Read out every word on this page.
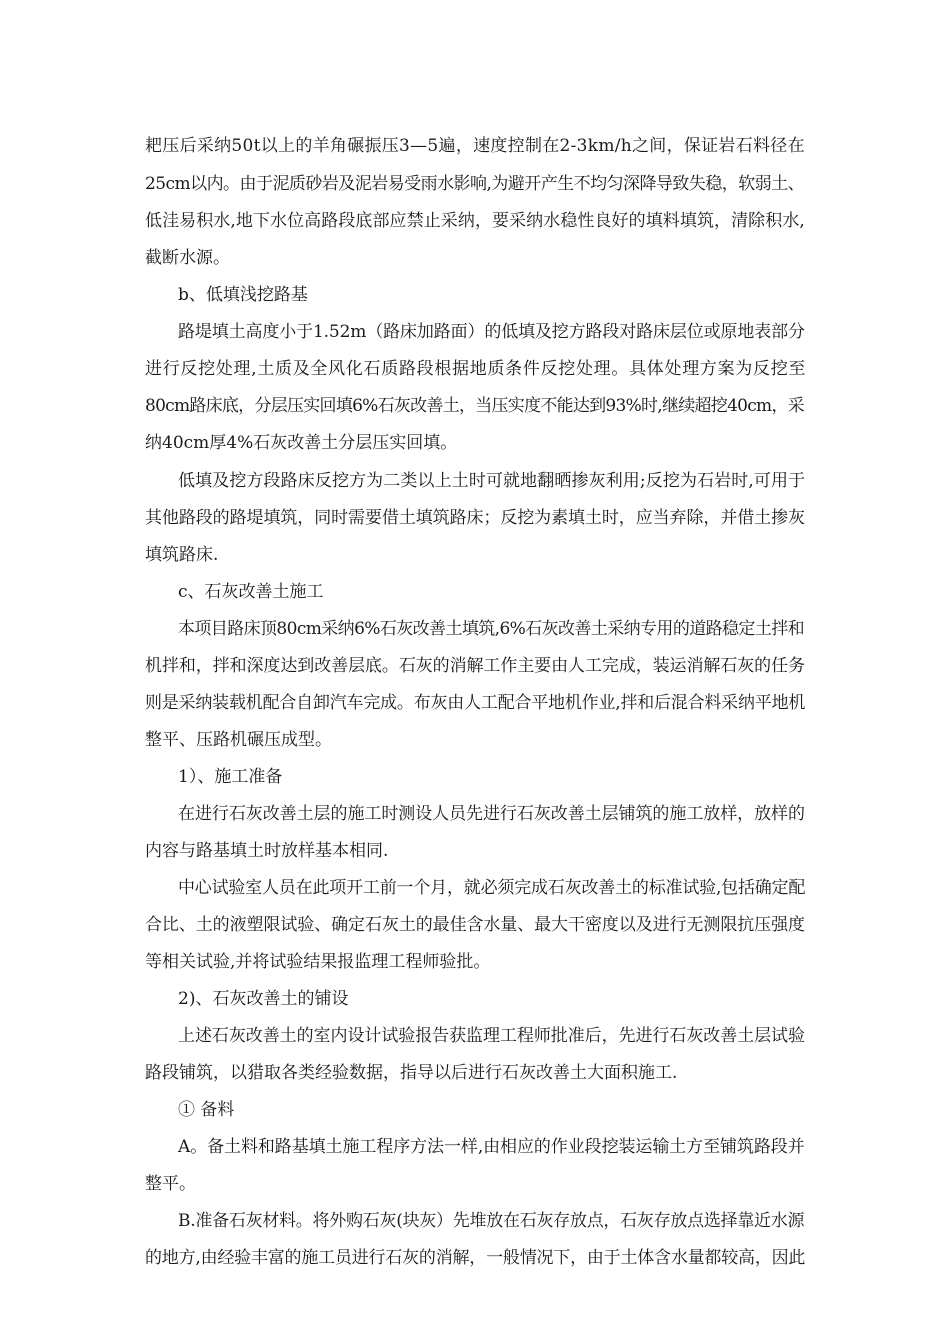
耙压后采纳50t以上的羊角碾振压3—5遍，速度控制在2-3km/h之间，保证岩石料径在
25cm以内。由于泥质砂岩及泥岩易受雨水影响,为避开产生不均匀深降导致失稳，软弱土、
低洼易积水,地下水位高路段底部应禁止采纳，要采纳水稳性良好的填料填筑，清除积水,
截断水源。
b、低填浅挖路基
路堤填土高度小于1.52m（路床加路面）的低填及挖方路段对路床层位或原地表部分
进行反挖处理,土质及全风化石质路段根据地质条件反挖处理。具体处理方案为反挖至
80cm路床底，分层压实回填6%石灰改善土，当压实度不能达到93%时,继续超挖40cm，采
纳40cm厚4%石灰改善土分层压实回填。
低填及挖方段路床反挖方为二类以上土时可就地翻晒掺灰利用;反挖为石岩时,可用于
其他路段的路堤填筑，同时需要借土填筑路床；反挖为素填土时，应当弃除，并借土掺灰
填筑路床.
c、石灰改善土施工
本项目路床顶80cm采纳6%石灰改善土填筑,6%石灰改善土采纳专用的道路稳定土拌和
机拌和，拌和深度达到改善层底。石灰的消解工作主要由人工完成，装运消解石灰的任务
则是采纳装载机配合自卸汽车完成。布灰由人工配合平地机作业,拌和后混合料采纳平地机
整平、压路机碾压成型。
1）、施工准备
在进行石灰改善土层的施工时测设人员先进行石灰改善土层铺筑的施工放样，放样的
内容与路基填土时放样基本相同.
中心试验室人员在此项开工前一个月，就必须完成石灰改善土的标准试验,包括确定配
合比、土的液塑限试验、确定石灰土的最佳含水量、最大干密度以及进行无测限抗压强度
等相关试验,并将试验结果报监理工程师验批。
2)、石灰改善土的铺设
上述石灰改善土的室内设计试验报告获监理工程师批准后，先进行石灰改善土层试验
路段铺筑，以猎取各类经验数据，指导以后进行石灰改善土大面积施工.
① 备料
A。备土料和路基填土施工程序方法一样,由相应的作业段挖装运输土方至铺筑路段并
整平。
B.准备石灰材料。将外购石灰(块灰）先堆放在石灰存放点，石灰存放点选择靠近水源
的地方,由经验丰富的施工员进行石灰的消解，一般情况下，由于土体含水量都较高，因此
